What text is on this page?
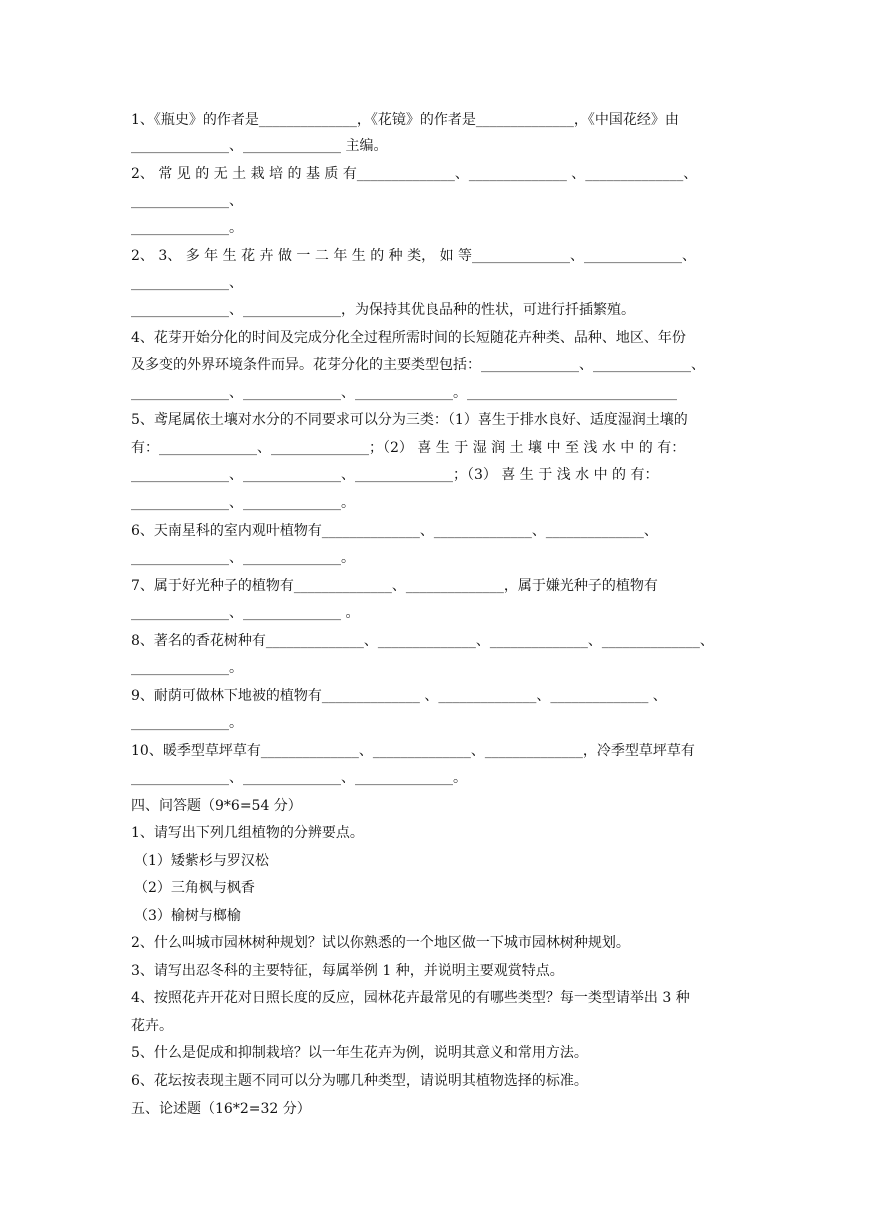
1、《瓶史》的作者是______________，《花镜》的作者是______________，《中国花经》由
______________、______________ 主编。
2、 常 见 的 无 土 栽 培 的 基 质 有______________、______________ 、______________、
______________、
______________。
2、 3、 多 年 生 花 卉 做 一 二 年 生 的 种 类， 如 等______________、______________、
______________、
______________、______________，为保持其优良品种的性状，可进行扦插繁殖。
4、花芽开始分化的时间及完成分化全过程所需时间的长短随花卉种类、品种、地区、年份
及多变的外界环境条件而异。花芽分化的主要类型包括：______________、______________、
______________、______________、______________。______________________________
5、鸢尾属依土壤对水分的不同要求可以分为三类：（1）喜生于排水良好、适度湿润土壤的
有：______________、______________；（2） 喜 生 于 湿 润 土 壤 中 至 浅 水 中 的 有：
______________、______________、______________；（3） 喜 生 于 浅 水 中 的 有：
______________、______________。
6、天南星科的室内观叶植物有______________、______________、______________、
______________、______________。
7、属于好光种子的植物有______________、______________，属于嫌光种子的植物有
______________、______________ 。
8、著名的香花树种有______________、______________、______________、______________、
______________。
9、耐荫可做林下地被的植物有______________ 、______________、______________ 、
______________。
10、暖季型草坪草有______________、______________、______________，冷季型草坪草有
______________、______________、______________。
四、问答题（9*6=54 分）
1、请写出下列几组植物的分辨要点。
（1）矮紫杉与罗汉松
（2）三角枫与枫香
（3）榆树与榔榆
2、什么叫城市园林树种规划？试以你熟悉的一个地区做一下城市园林树种规划。
3、请写出忍冬科的主要特征，每属举例 1 种，并说明主要观赏特点。
4、按照花卉开花对日照长度的反应，园林花卉最常见的有哪些类型？每一类型请举出 3 种
花卉。
5、什么是促成和抑制栽培？以一年生花卉为例，说明其意义和常用方法。
6、花坛按表现主题不同可以分为哪几种类型，请说明其植物选择的标准。
五、论述题（16*2=32 分）
